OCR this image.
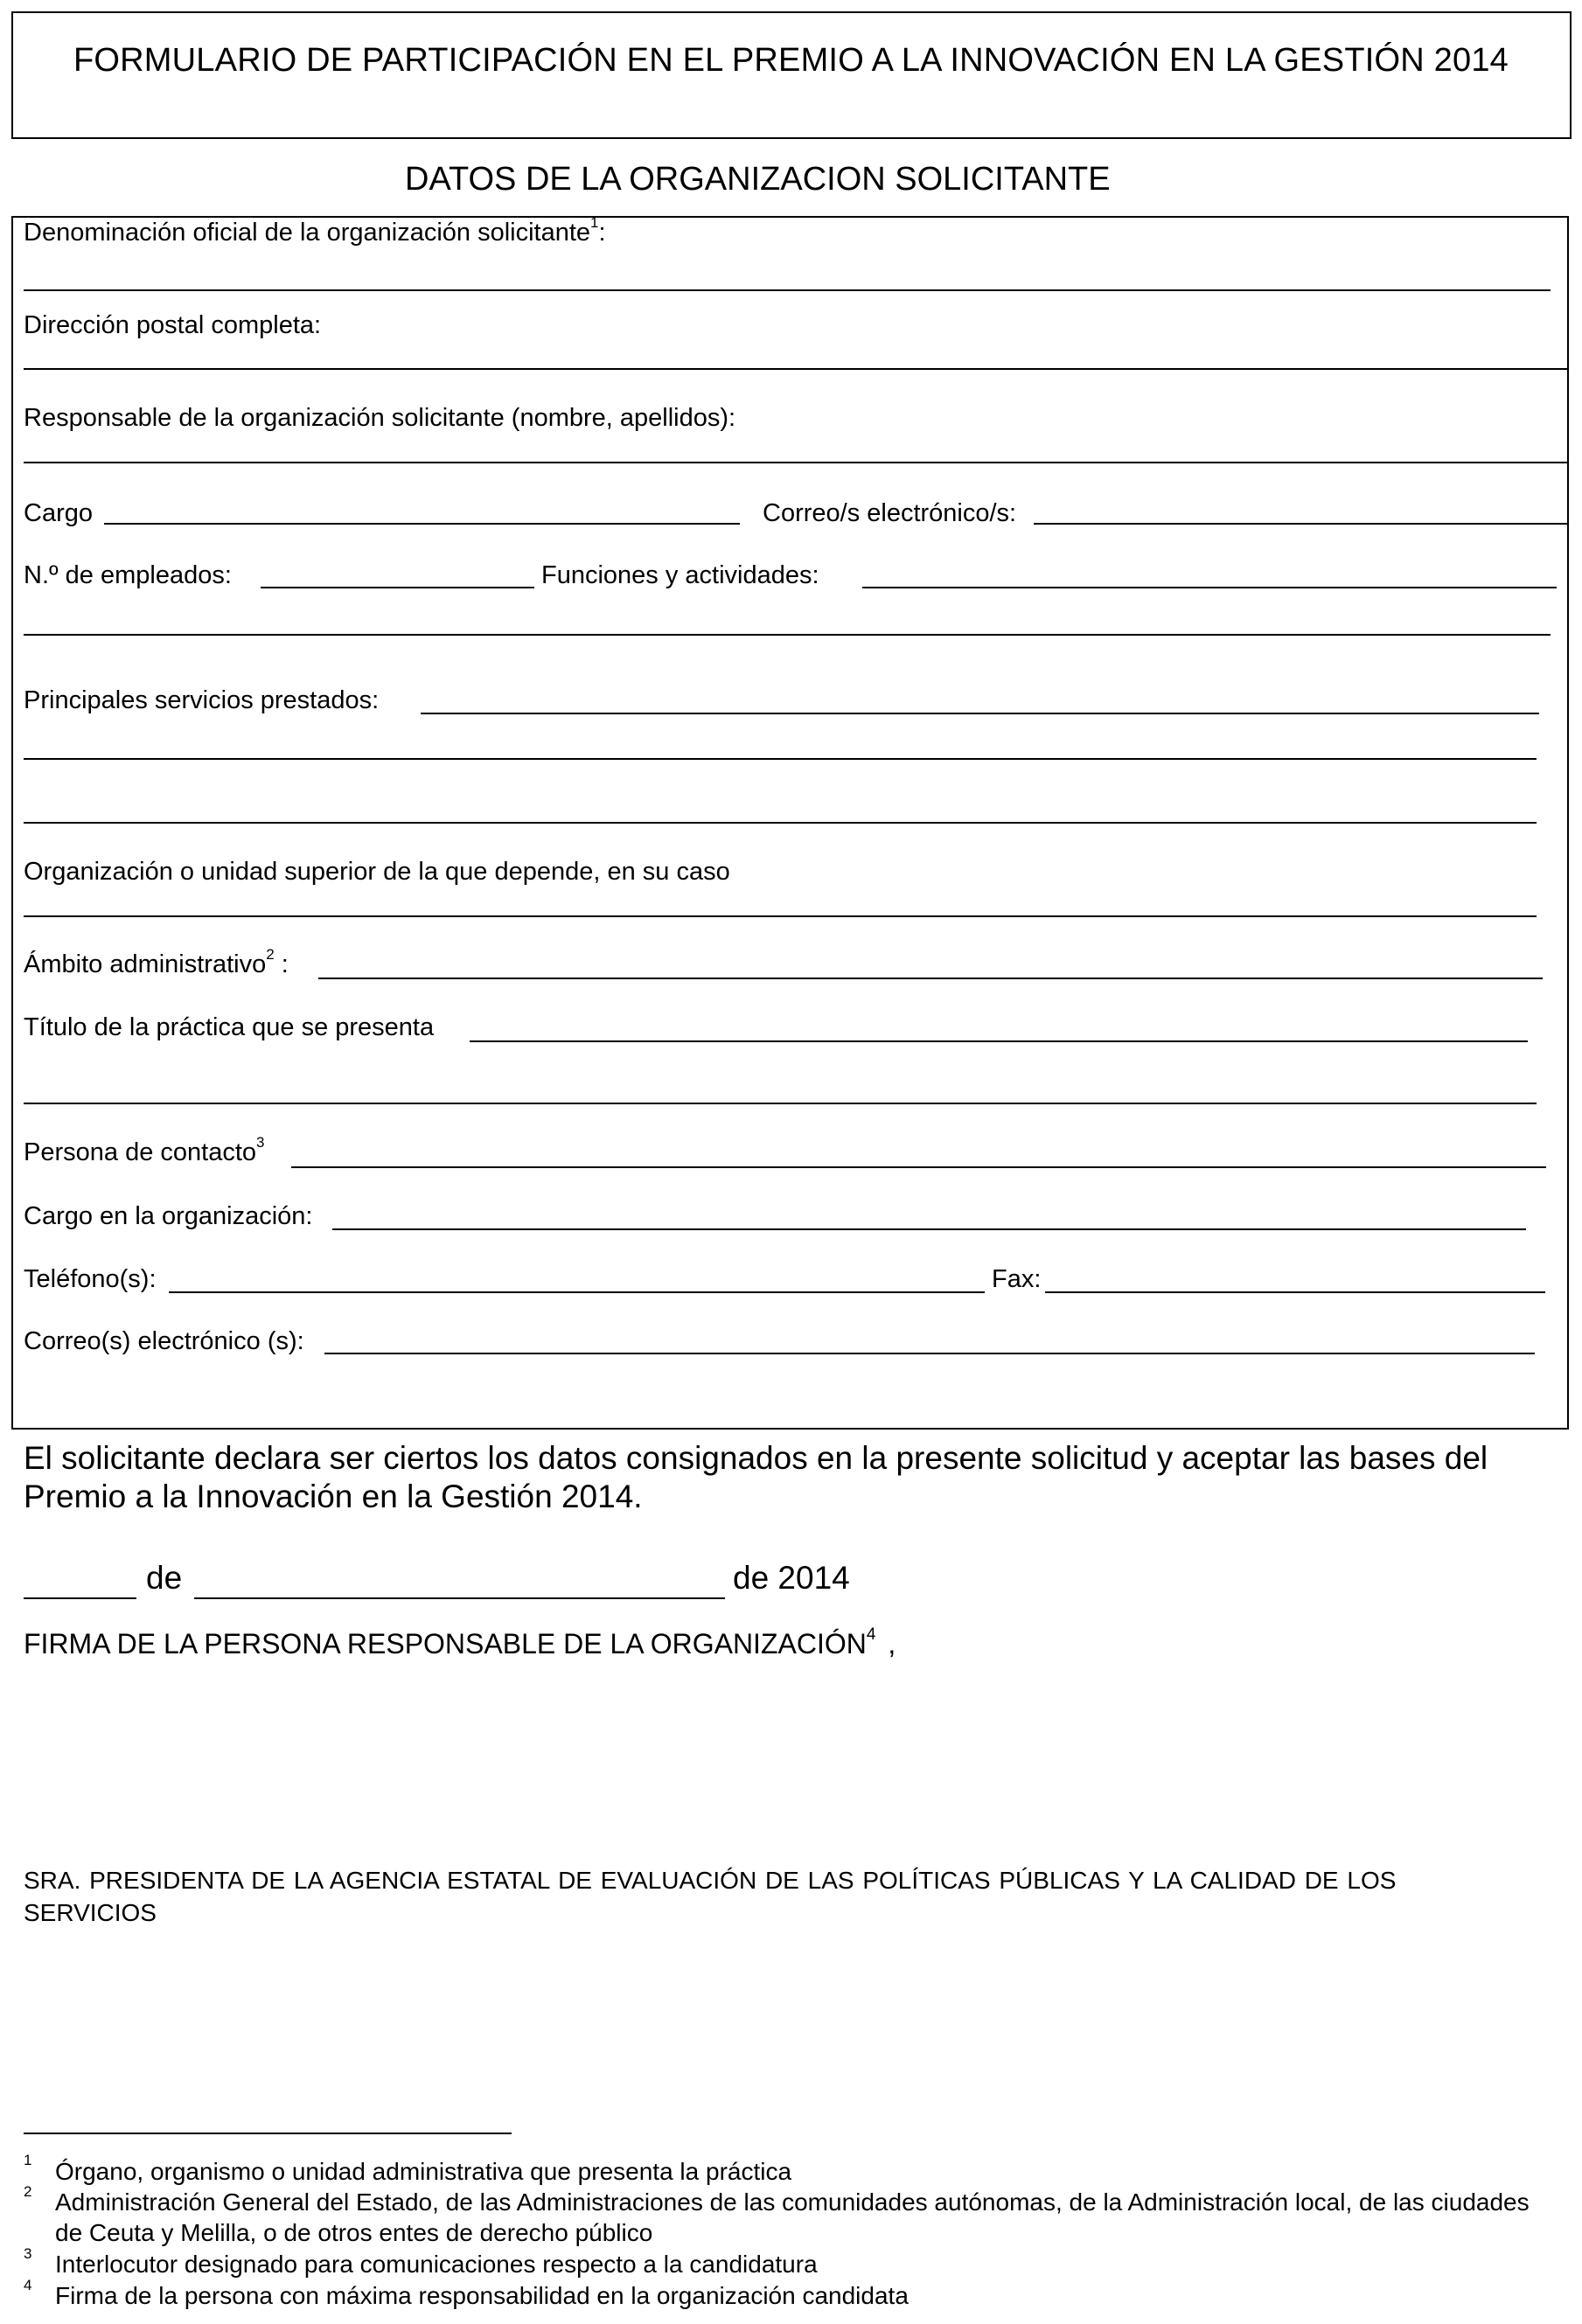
FORMULARIO DE PARTICIPACIÓN EN EL PREMIO A LA INNOVACIÓN EN LA GESTIÓN 2014
DATOS DE LA ORGANIZACION SOLICITANTE
Denominación oficial de la organización solicitante$^1$:
Dirección postal completa:
Responsable de la organización solicitante (nombre, apellidos):
Cargo	Correo/s electrónico/s:
N.º de empleados:	Funciones y actividades:
Principales servicios prestados:
Organización o unidad superior de la que depende, en su caso
Ámbito administrativo$^2$ :
Título de la práctica que se presenta
Persona de contacto$^3$
Cargo en la organización:
Teléfono(s):	Fax:
Correo(s) electrónico (s):
El solicitante declara ser ciertos los datos consignados en la presente solicitud y aceptar las bases del Premio a la Innovación en la Gestión 2014.
de	de 2014
FIRMA DE LA PERSONA RESPONSABLE DE LA ORGANIZACIÓN$^4$ ,
SRA. PRESIDENTA DE LA AGENCIA ESTATAL DE EVALUACIÓN DE LAS POLÍTICAS PÚBLICAS Y LA CALIDAD DE LOS SERVICIOS
1 Órgano, organismo o unidad administrativa que presenta la práctica
2 Administración General del Estado, de las Administraciones de las comunidades autónomas, de la Administración local, de las ciudades de Ceuta y Melilla, o de otros entes de derecho público
3 Interlocutor designado para comunicaciones respecto a la candidatura
4 Firma de la persona con máxima responsabilidad en la organización candidata
